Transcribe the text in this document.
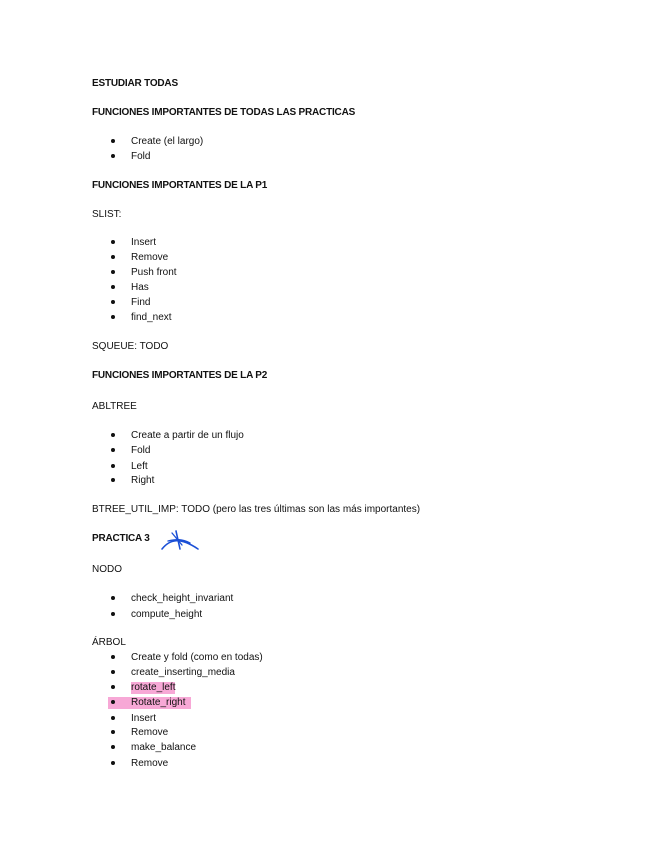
ESTUDIAR TODAS
FUNCIONES IMPORTANTES DE TODAS LAS PRACTICAS
Create (el largo)
Fold
FUNCIONES IMPORTANTES DE LA P1
SLIST:
Insert
Remove
Push front
Has
Find
find_next
SQUEUE: TODO
FUNCIONES IMPORTANTES DE LA P2
ABLTREE
Create a partir de un flujo
Fold
Left
Right
BTREE_UTIL_IMP: TODO (pero las tres últimas son las más importantes)
PRACTICA 3
NODO
check_height_invariant
compute_height
ÁRBOL
Create y fold (como en todas)
create_inserting_media
rotate_left
Rotate_right
Insert
Remove
make_balance
Remove
